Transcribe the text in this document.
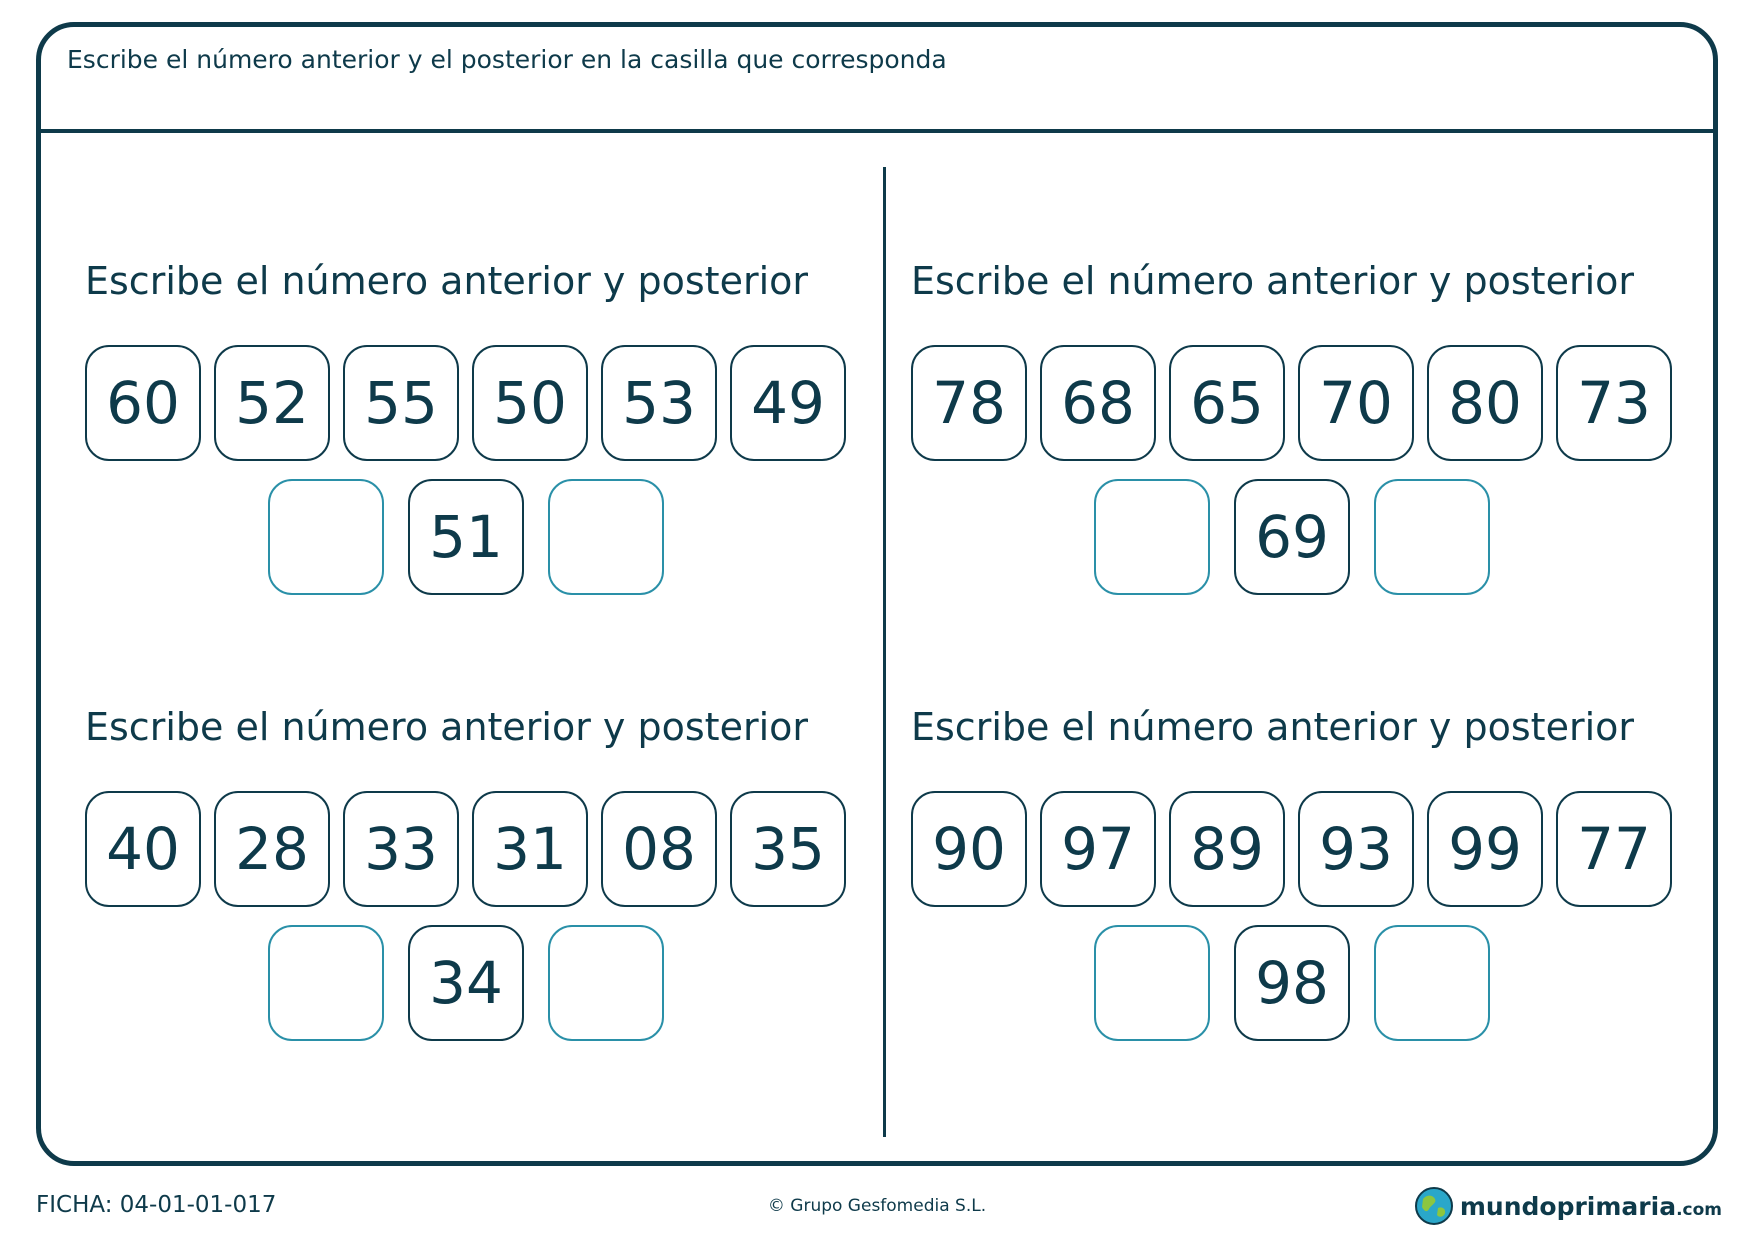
Escribe el número anterior y el posterior en la casilla que corresponda
Escribe el número anterior y posterior
60 52 55 50 53 49
51
Escribe el número anterior y posterior
78 68 65 70 80 73
69
Escribe el número anterior y posterior
40 28 33 31 08 35
34
Escribe el número anterior y posterior
90 97 89 93 99 77
98
FICHA: 04-01-01-017	© Grupo Gesfomedia S.L.	mundoprimaria.com
